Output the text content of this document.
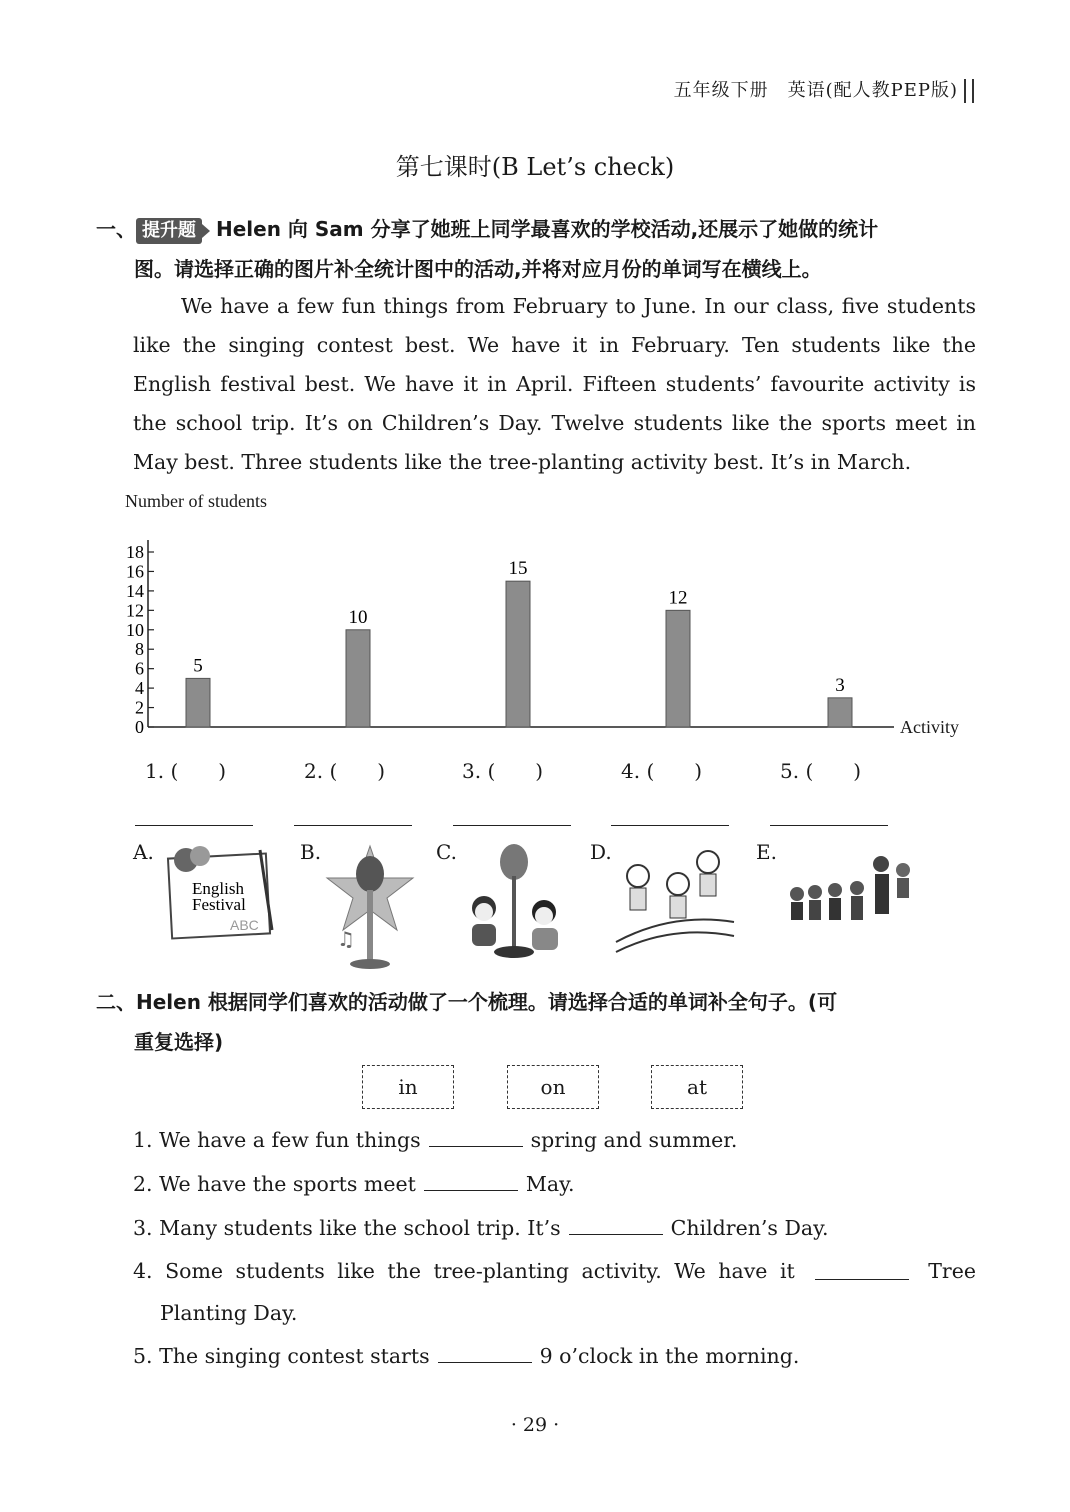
五年级下册　英语(配人教PEP版)
第七课时(B Let’s check)
一、 提升题 Helen 向 Sam 分享了她班上同学最喜欢的学校活动,还展示了她做的统计
图。请选择正确的图片补全统计图中的活动,并将对应月份的单词写在横线上。

We have a few fun things from February to June. In our class, five students like the singing contest best. We have it in February. Ten students like the English festival best. We have it in April. Fifteen students’ favourite activity is the school trip. It’s on Children’s Day. Twelve students like the sports meet in May best. Three students like the tree-planting activity best. It’s in March.

Number of students
Activity
0
2
4
6
8
10
12
14
16
18
5
10
15
12
3
1. (　　)	2. (　　)	3. (　　)	4. (　　)	5. (　　)
A.
English
Festival
ABC
B.
♫
C.	D.	E.
二、Helen 根据同学们喜欢的活动做了一个梳理。请选择合适的单词补全句子。(可
重复选择)
in	on	at
1. We have a few fun things	spring and summer.
2. We have the sports meet	May.
3. Many students like the school trip. It’s	Children’s Day.
4. Some students like the tree-planting activity. We have it	Tree
Planting Day.
5. The singing contest starts	9 o’clock in the morning.
· 29 ·
